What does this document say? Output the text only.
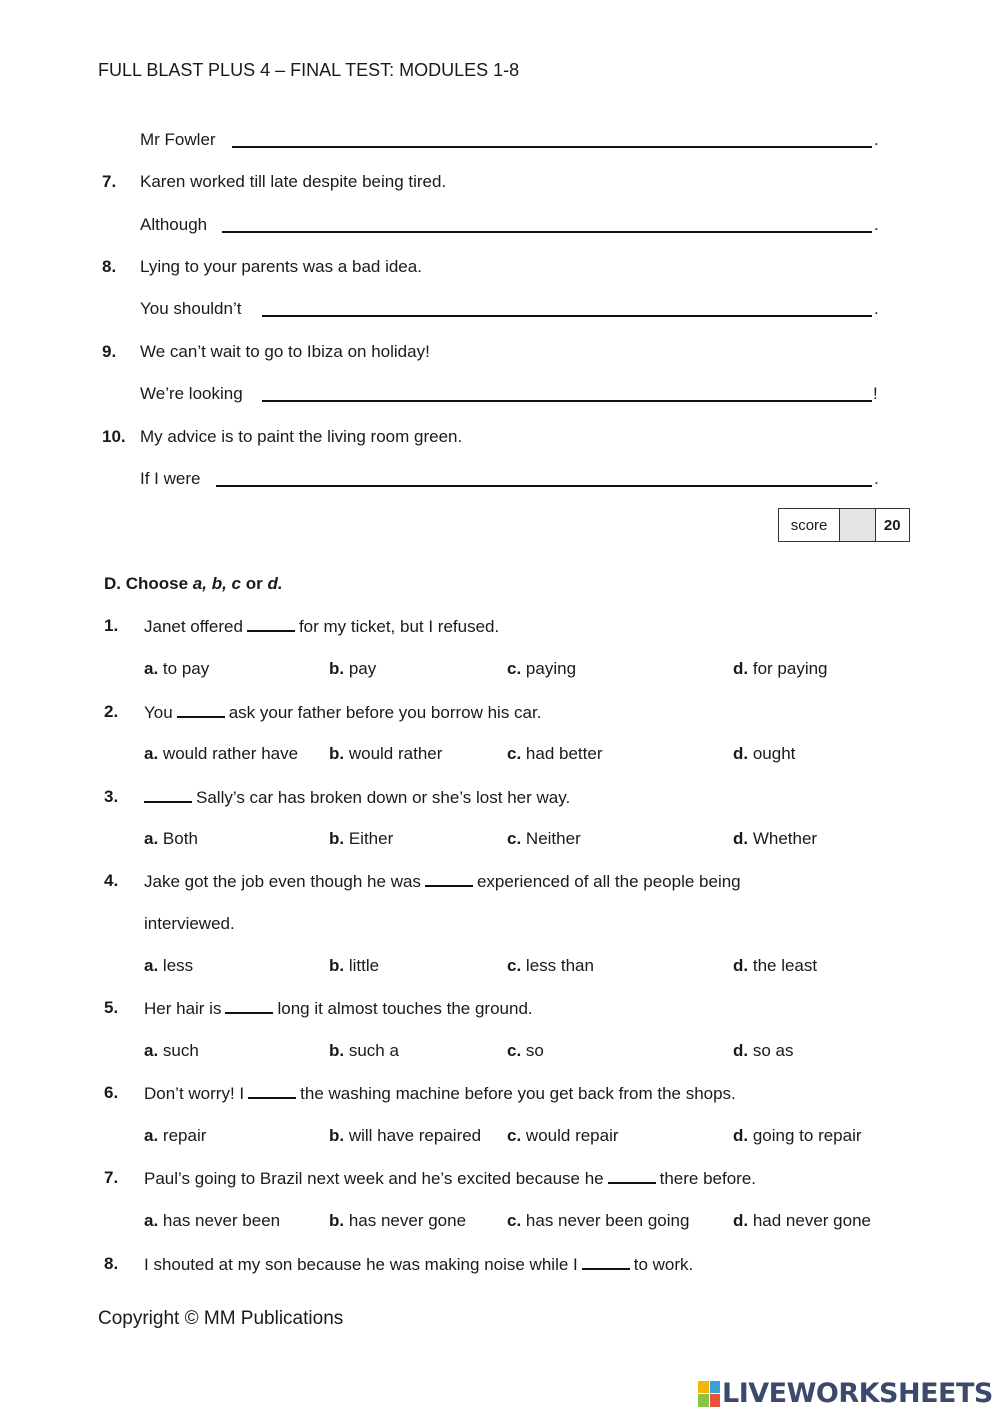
FULL BLAST PLUS 4 – FINAL TEST: MODULES 1-8
Mr Fowler	.
7. Karen worked till late despite being tired.
Although	.
8. Lying to your parents was a bad idea.
You shouldn’t	.
9. We can’t wait to go to Ibiza on holiday!
We’re looking	!
10. My advice is to paint the living room green.
If I were	.
score	20
D. Choose a, b, c or d.
1. Janet offered	for my ticket, but I refused.
a. to pay	b. pay	c. paying	d. for paying
2. You	ask your father before you borrow his car.
a. would rather have b. would rather	c. had better	d. ought
3.	Sally’s car has broken down or she’s lost her way.
a. Both	b. Either	c. Neither	d. Whether
4. Jake got the job even though he was	experienced of all the people being
interviewed.
a. less	b. little	c. less than	d. the least
5. Her hair is	long it almost touches the ground.
a. such	b. such a	c. so	d. so as
6. Don’t worry! I	the washing machine before you get back from the shops.
a. repair	b. will have repaired c. would repair	d. going to repair
7. Paul’s going to Brazil next week and he’s excited because he	there before.
a. has never been	b. has never gone c. has never been going	d. had never gone
8. I shouted at my son because he was making noise while I	to work.
Copyright © MM Publications
LIVEWORKSHEETS
